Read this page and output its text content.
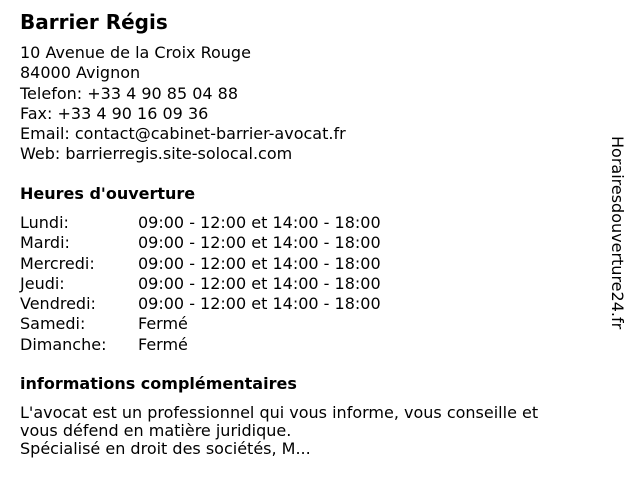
Barrier Régis
10 Avenue de la Croix Rouge
84000 Avignon
Telefon: +33 4 90 85 04 88
Fax: +33 4 90 16 09 36
Email: contact@cabinet-barrier-avocat.fr
Web: barrierregis.site-solocal.com
Heures d'ouverture
Lundi:	09:00 - 12:00 et 14:00 - 18:00
Mardi:	09:00 - 12:00 et 14:00 - 18:00
Mercredi:	09:00 - 12:00 et 14:00 - 18:00
Jeudi:	09:00 - 12:00 et 14:00 - 18:00
Vendredi:	09:00 - 12:00 et 14:00 - 18:00
Samedi:	Fermé
Dimanche:	Fermé
informations complémentaires
L'avocat est un professionnel qui vous informe, vous conseille et
vous défend en matière juridique.
Spécialisé en droit des sociétés, M...
Horairesdouverture24.fr
